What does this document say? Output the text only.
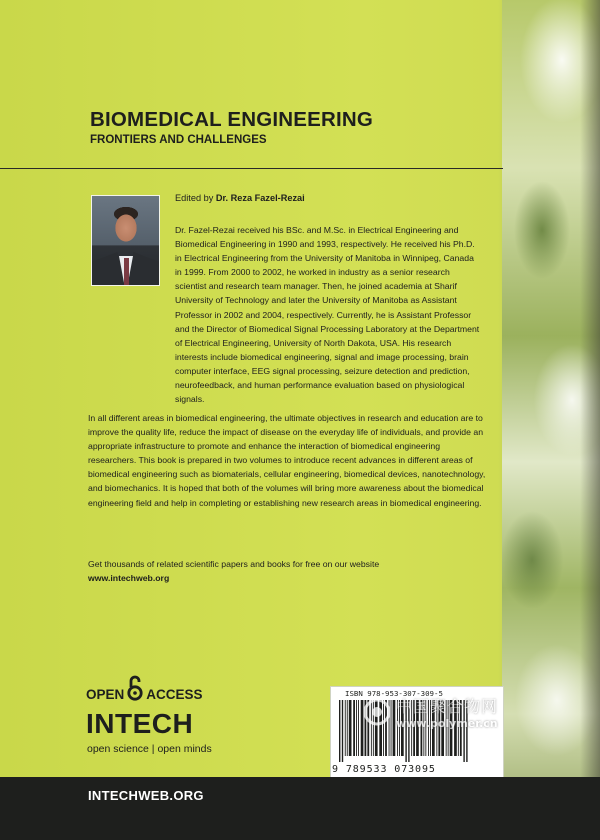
BIOMEDICAL ENGINEERING
FRONTIERS AND CHALLENGES
Edited by Dr. Reza Fazel-Rezai

Dr. Fazel-Rezai received his BSc. and M.Sc. in Electrical Engineering and Biomedical Engineering in 1990 and 1993, respectively. He received his Ph.D. in Electrical Engineering from the University of Manitoba in Winnipeg, Canada in 1999. From 2000 to 2002, he worked in industry as a senior research scientist and research team manager. Then, he joined academia at Sharif University of Technology and later the University of Manitoba as Assistant Professor in 2002 and 2004, respectively. Currently, he is Assistant Professor and the Director of Biomedical Signal Processing Laboratory at the Department of Electrical Engineering, University of North Dakota, USA. His research interests include biomedical engineering, signal and image processing, brain computer interface, EEG signal processing, seizure detection and prediction, neurofeedback, and human performance evaluation based on physiological signals.

In all different areas in biomedical engineering, the ultimate objectives in research and education are to improve the quality life, reduce the impact of disease on the everyday life of individuals, and provide an appropriate infrastructure to promote and enhance the interaction of biomedical engineering researchers. This book is prepared in two volumes to introduce recent advances in different areas of biomedical engineering such as biomaterials, cellular engineering, biomedical devices, nanotechnology, and biomechanics. It is hoped that both of the volumes will bring more awareness about the biomedical engineering field and help in completing or establishing new research areas in biomedical engineering.

Get thousands of related scientific papers and books for free on our website
www.intechweb.org

OPEN ACCESS
INTECH
open science | open minds
ISBN 978-953-307-309-5
9 789533 073095
中国聚合物网
www.polymer.cn
INTECHWEB.ORG
